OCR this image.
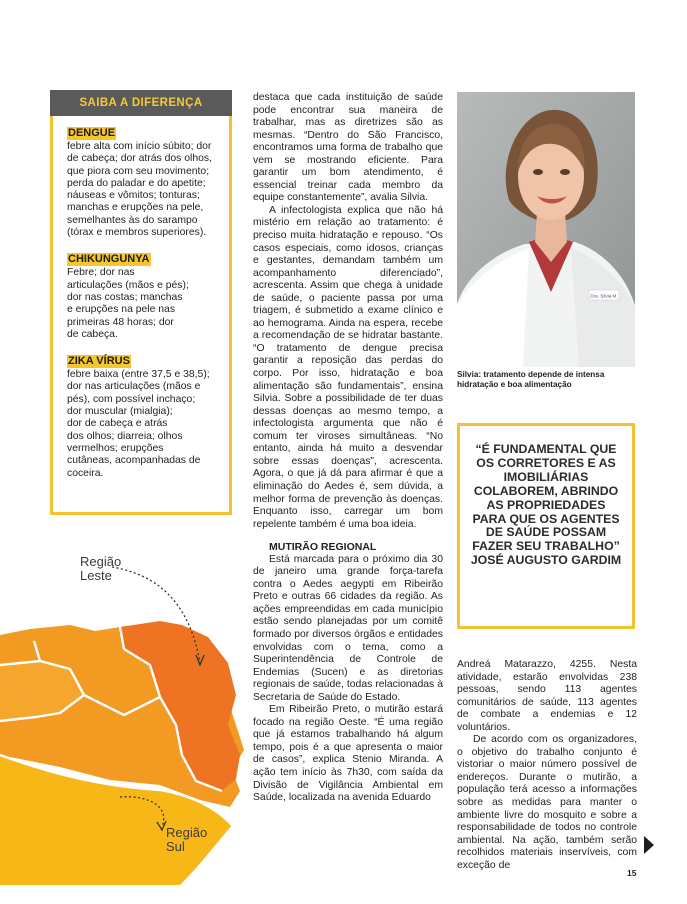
SAIBA A DIFERENÇA
DENGUE
febre alta com início súbito; dor
de cabeça; dor atrás dos olhos,
que piora com seu movimento;
perda do paladar e do apetite;
náuseas e vômitos; tonturas;
manchas e erupções na pele,
semelhantes às do sarampo
(tórax e membros superiores).
CHIKUNGUNYA
Febre; dor nas
articulações (mãos e pés);
dor nas costas; manchas
e erupções na pele nas
primeiras 48 horas; dor
de cabeça.
ZIKA VÍRUS
febre baixa (entre 37,5 e 38,5);
dor nas articulações (mãos e
pés), com possível inchaço;
dor muscular (mialgia);
dor de cabeça e atrás
dos olhos; diarreia; olhos
vermelhos; erupções
cutâneas, acompanhadas de
coceira.

destaca que cada instituição de saúde pode encontrar sua maneira de trabalhar, mas as diretrizes são as mesmas. “Dentro do São Francisco, encontramos uma forma de trabalho que vem se mostrando eficiente. Para garantir um bom atendimento, é essencial treinar cada membro da equipe constantemente”, avalia Silvia.

A infectologista explica que não há mistério em relação ao tratamento: é preciso muita hidratação e repouso. “Os casos especiais, como idosos, crianças e gestantes, demandam também um acompanhamento diferenciado”, acrescenta. Assim que chega à unidade de saúde, o paciente passa por uma triagem, é submetido a exame clínico e ao hemograma. Ainda na espera, recebe a recomendação de se hidratar bastante. “O tratamento de dengue precisa garantir a reposição das perdas do corpo. Por isso, hidratação e boa alimentação são fundamentais”, ensina Silvia. Sobre a possibilidade de ter duas dessas doenças ao mesmo tempo, a infectologista argumenta que não é comum ter viroses simultâneas. “No entanto, ainda há muito a desvendar sobre essas doenças”, acrescenta. Agora, o que já dá para afirmar é que a eliminação do Aedes é, sem dúvida, a melhor forma de prevenção às doenças. Enquanto isso, carregar um bom repelente também é uma boa ideia.

MUTIRÃO REGIONAL

Está marcada para o próximo dia 30 de janeiro uma grande força-tarefa contra o Aedes aegypti em Ribeirão Preto e outras 66 cidades da região. As ações empreendidas em cada município estão sendo planejadas por um comitê formado por diversos órgãos e entidades envolvidas com o tema, como a Superintendência de Controle de Endemias (Sucen) e as diretorias regionais de saúde, todas relacionadas à Secretaria de Saúde do Estado.

Em Ribeirão Preto, o mutirão estará focado na região Oeste. “É uma região que já estamos trabalhando há algum tempo, pois é a que apresenta o maior de casos”, explica Stenio Miranda. A ação tem início às 7h30, com saída da Divisão de Vigilância Ambiental em Saúde, localizada na avenida Eduardo

Dra. Silvia M.
Silvia: tratamento depende de intensa hidratação e boa alimentação
“É FUNDAMENTAL QUE OS CORRETORES E AS IMOBILIÁRIAS COLABOREM, ABRINDO AS PROPRIEDADES PARA QUE OS AGENTES DE SAÚDE POSSAM FAZER SEU TRABALHO” JOSÉ AUGUSTO GARDIM

Andreá Matarazzo, 4255. Nesta atividade, estarão envolvidas 238 pessoas, sendo 113 agentes comunitários de saúde, 113 agentes de combate a endemias e 12 voluntários.

De acordo com os organizadores, o objetivo do trabalho conjunto é vistoriar o maior número possível de endereços. Durante o mutirão, a população terá acesso a informações sobre as medidas para manter o ambiente livre do mosquito e sobre a responsabilidade de todos no controle ambiental. Na ação, também serão recolhidos materiais inservíveis, com exceção de

Região
Leste
Região
Sul
15
